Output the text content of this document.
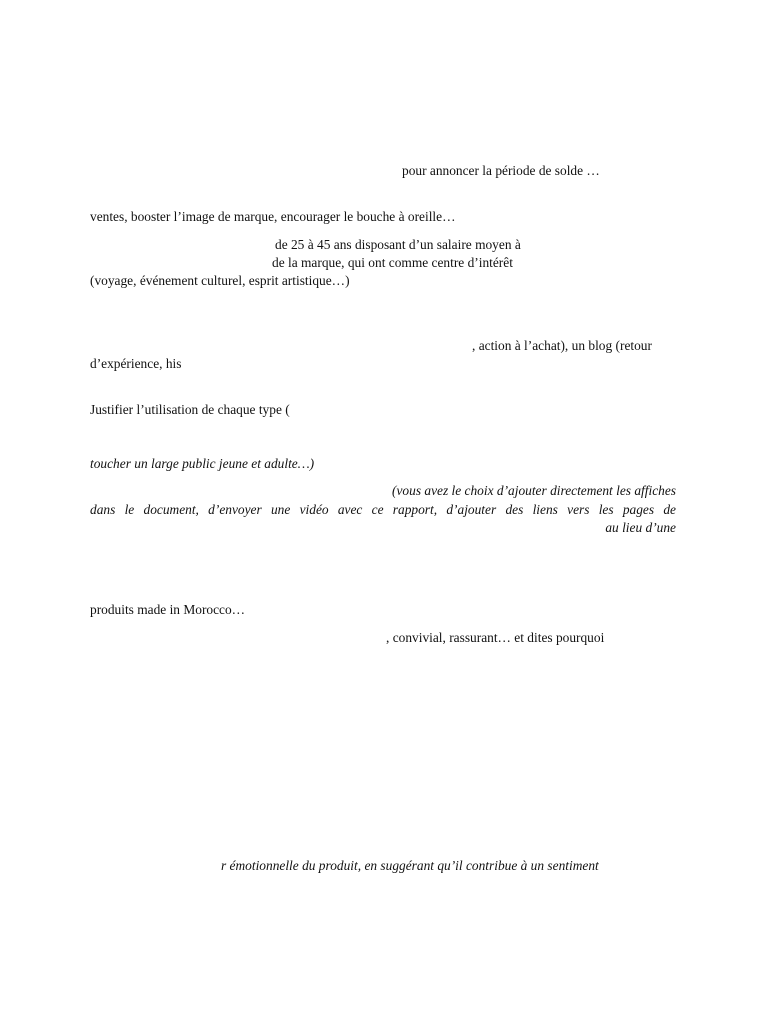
pour annoncer la période de solde …
ventes, booster l’image de marque, encourager le bouche à oreille…
de 25 à 45 ans disposant d’un salaire moyen à
de la marque, qui ont comme centre d’intérêt
(voyage, événement culturel, esprit artistique…)
, action à l’achat), un blog (retour
d’expérience, his
Justifier l’utilisation de chaque type (
toucher un large public jeune et adulte…)
(vous avez le choix d’ajouter directement les affiches
dans le document, d’envoyer une vidéo avec ce rapport, d’ajouter des liens vers les pages de
au lieu d’une
produits made in Morocco…
, convivial, rassurant… et dites pourquoi
r émotionnelle du produit, en suggérant qu’il contribue à un sentiment
